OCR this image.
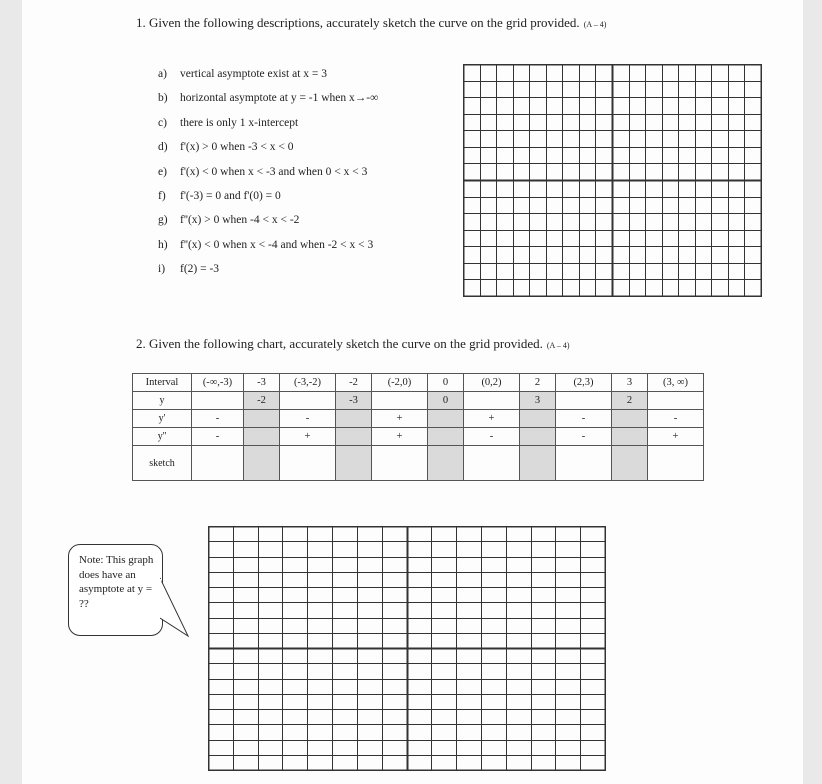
1. Given the following descriptions, accurately sketch the curve on the grid provided. (A – 4)
a) vertical asymptote exist at x = 3
b) horizontal asymptote at y = -1 when x→-∞
c) there is only 1 x-intercept
d) f'(x) > 0 when -3 < x < 0
e) f'(x) < 0 when x < -3 and when 0 < x < 3
f) f'(-3) = 0 and f'(0) = 0
g) f''(x) > 0 when -4 < x < -2
h) f''(x) < 0 when x < -4 and when -2 < x < 3
i) f(2) = -3
2. Given the following chart, accurately sketch the curve on the grid provided. (A – 4)
Interval	(-∞,-3)	-3	(-3,-2)	-2	(-2,0)	0	(0,2)	2	(2,3)	3	(3, ∞)
y		-2		-3		0		3		2	
y'	-		-		+		+		-		-
y''	-		+		+		-		-		+
sketch											
Note: This graph does have an asymptote at y = ??
